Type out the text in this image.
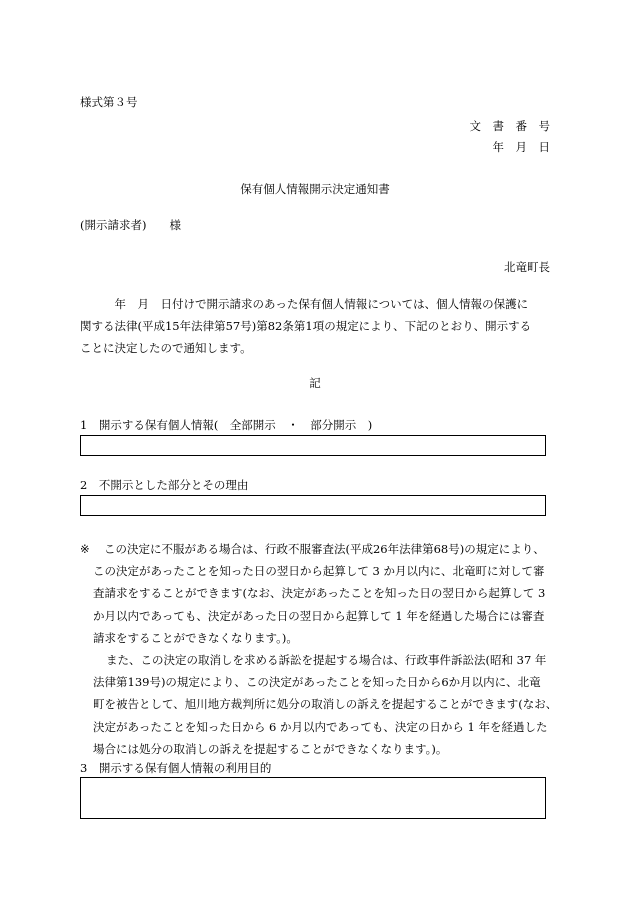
様式第３号
文　書　番　号
年　月　日
保有個人情報開示決定通知書
(開示請求者)　　様
北竜町長
　　　年　月　日付けで開示請求のあった保有個人情報については、個人情報の保護に
関する法律(平成15年法律第57号)第82条第1項の規定により、下記のとおり、開示する
ことに決定したので通知します。
記
1　開示する保有個人情報(　全部開示　・　部分開示　)
2　不開示とした部分とその理由
※ この決定に不服がある場合は、行政不服審査法(平成26年法律第68号)の規定により、
この決定があったことを知った日の翌日から起算して 3 か月以内に、北竜町に対して審
査請求をすることができます(なお、決定があったことを知った日の翌日から起算して 3
か月以内であっても、決定があった日の翌日から起算して 1 年を経過した場合には審査
請求をすることができなくなります。)。
また、この決定の取消しを求める訴訟を提起する場合は、行政事件訴訟法(昭和 37 年
法律第139号)の規定により、この決定があったことを知った日から6か月以内に、北竜
町を被告として、旭川地方裁判所に処分の取消しの訴えを提起することができます(なお、
決定があったことを知った日から 6 か月以内であっても、決定の日から 1 年を経過した
場合には処分の取消しの訴えを提起することができなくなります。)。
3　開示する保有個人情報の利用目的
